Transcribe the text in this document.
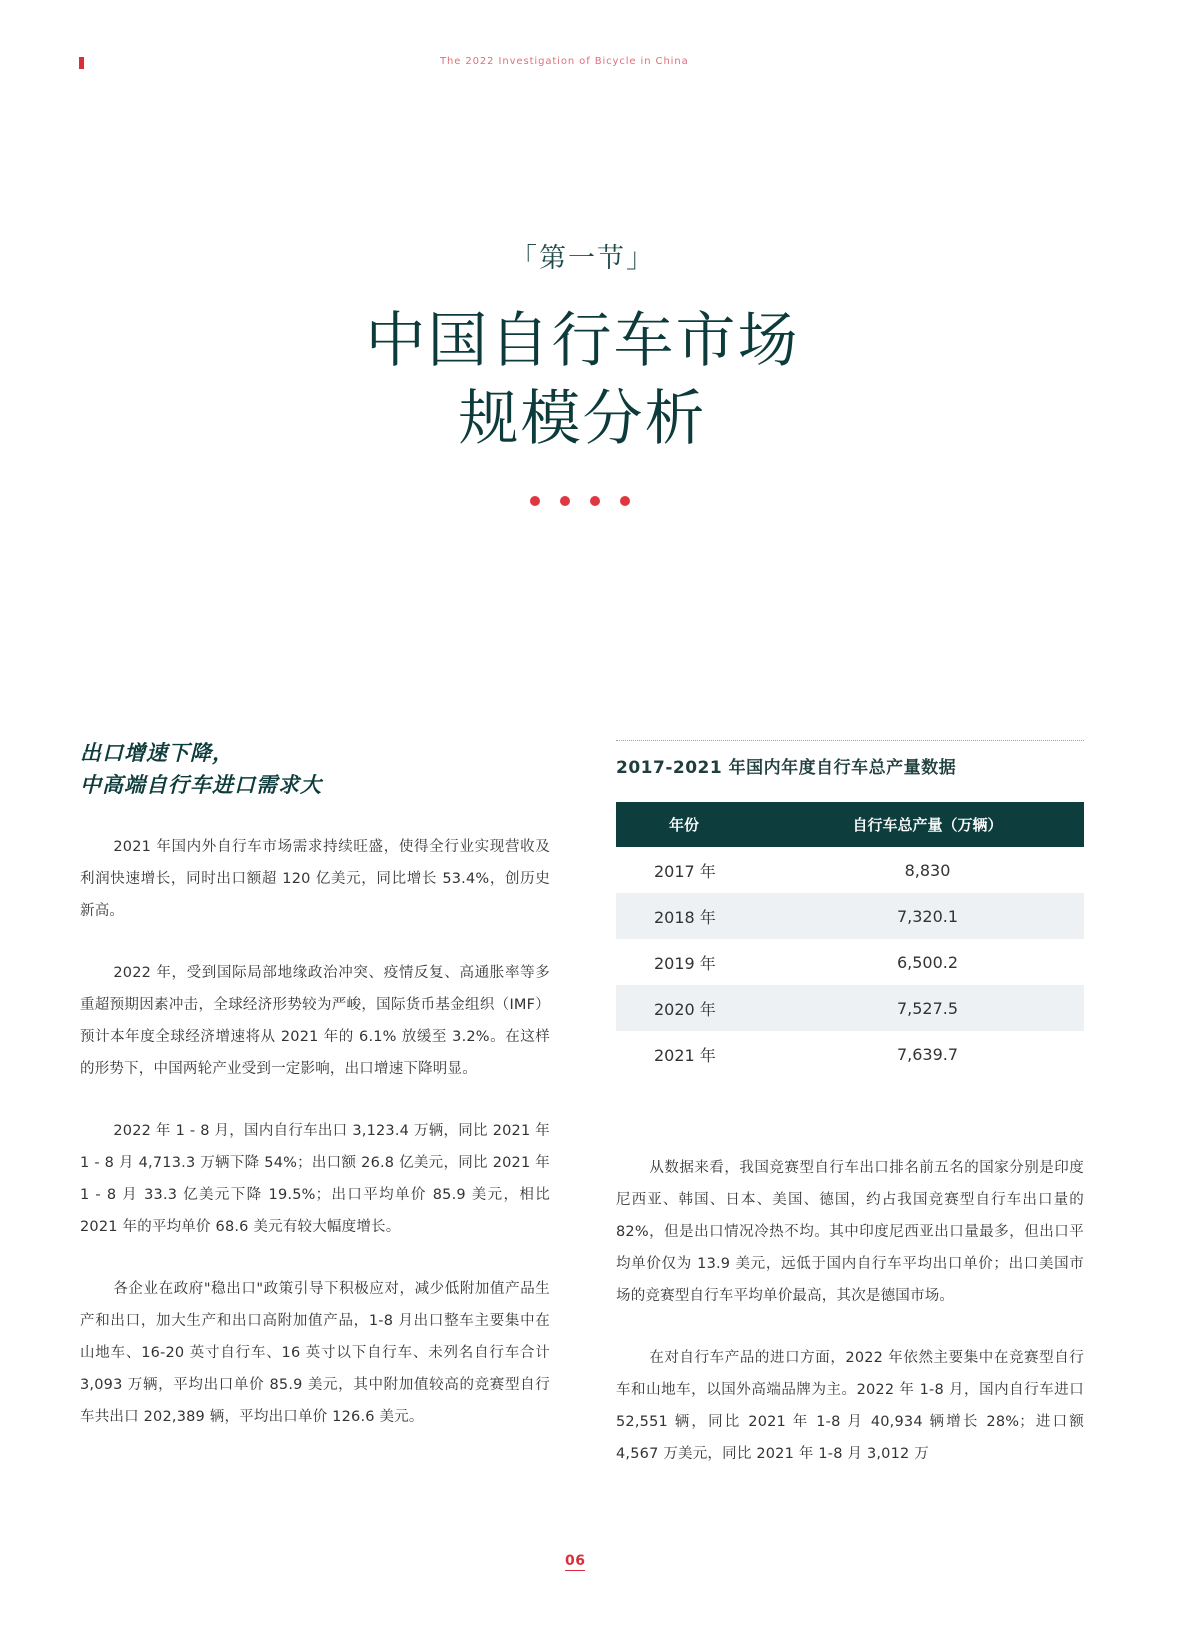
The 2022 Investigation of Bicycle in China
「第一节」
中国自行车市场
规模分析
出口增速下降，
中高端自行车进口需求大

2021 年国内外自行车市场需求持续旺盛，使得全行业实现营收及利润快速增长，同时出口额超 120 亿美元，同比增长 53.4%，创历史新高。

2022 年，受到国际局部地缘政治冲突、疫情反复、高通胀率等多重超预期因素冲击，全球经济形势较为严峻，国际货币基金组织（IMF）预计本年度全球经济增速将从 2021 年的 6.1% 放缓至 3.2%。在这样的形势下，中国两轮产业受到一定影响，出口增速下降明显。

2022 年 1 - 8 月，国内自行车出口 3,123.4 万辆，同比 2021 年 1 - 8 月 4,713.3 万辆下降 54%；出口额 26.8 亿美元，同比 2021 年 1 - 8 月 33.3 亿美元下降 19.5%；出口平均单价 85.9 美元，相比 2021 年的平均单价 68.6 美元有较大幅度增长。

各企业在政府"稳出口"政策引导下积极应对，减少低附加值产品生产和出口，加大生产和出口高附加值产品，1-8 月出口整车主要集中在山地车、16-20 英寸自行车、16 英寸以下自行车、未列名自行车合计 3,093 万辆，平均出口单价 85.9 美元，其中附加值较高的竞赛型自行车共出口 202,389 辆，平均出口单价 126.6 美元。

2017-2021 年国内年度自行车总产量数据
年份	自行车总产量（万辆）
2017 年	8,830
2018 年	7,320.1
2019 年	6,500.2
2020 年	7,527.5
2021 年	7,639.7

从数据来看，我国竞赛型自行车出口排名前五名的国家分别是印度尼西亚、韩国、日本、美国、德国，约占我国竞赛型自行车出口量的 82%，但是出口情况冷热不均。其中印度尼西亚出口量最多，但出口平均单价仅为 13.9 美元，远低于国内自行车平均出口单价；出口美国市场的竞赛型自行车平均单价最高，其次是德国市场。

在对自行车产品的进口方面，2022 年依然主要集中在竞赛型自行车和山地车，以国外高端品牌为主。2022 年 1-8 月，国内自行车进口 52,551 辆，同比 2021 年 1-8 月 40,934 辆增长 28%；进口额 4,567 万美元，同比 2021 年 1-8 月 3,012 万

06
